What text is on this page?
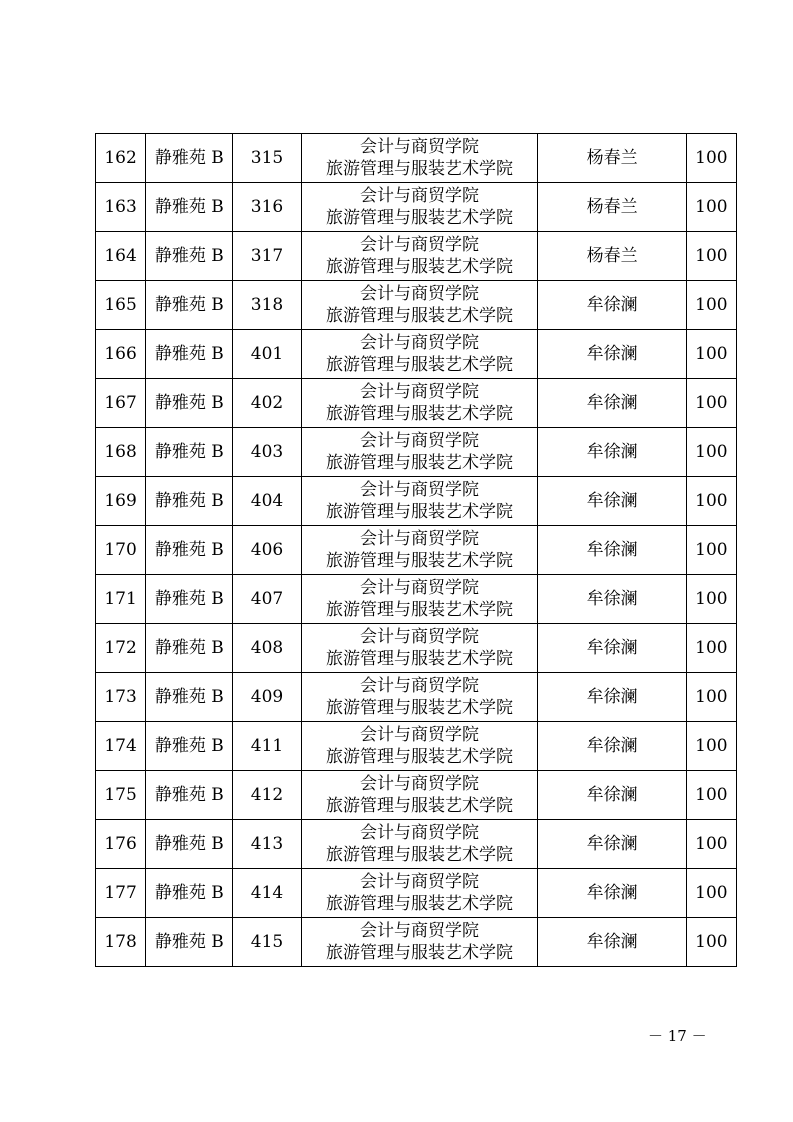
162	静雅苑 B	315	会计与商贸学院
旅游管理与服装艺术学院	杨春兰	100
163	静雅苑 B	316	会计与商贸学院
旅游管理与服装艺术学院	杨春兰	100
164	静雅苑 B	317	会计与商贸学院
旅游管理与服装艺术学院	杨春兰	100
165	静雅苑 B	318	会计与商贸学院
旅游管理与服装艺术学院	牟徐澜	100
166	静雅苑 B	401	会计与商贸学院
旅游管理与服装艺术学院	牟徐澜	100
167	静雅苑 B	402	会计与商贸学院
旅游管理与服装艺术学院	牟徐澜	100
168	静雅苑 B	403	会计与商贸学院
旅游管理与服装艺术学院	牟徐澜	100
169	静雅苑 B	404	会计与商贸学院
旅游管理与服装艺术学院	牟徐澜	100
170	静雅苑 B	406	会计与商贸学院
旅游管理与服装艺术学院	牟徐澜	100
171	静雅苑 B	407	会计与商贸学院
旅游管理与服装艺术学院	牟徐澜	100
172	静雅苑 B	408	会计与商贸学院
旅游管理与服装艺术学院	牟徐澜	100
173	静雅苑 B	409	会计与商贸学院
旅游管理与服装艺术学院	牟徐澜	100
174	静雅苑 B	411	会计与商贸学院
旅游管理与服装艺术学院	牟徐澜	100
175	静雅苑 B	412	会计与商贸学院
旅游管理与服装艺术学院	牟徐澜	100
176	静雅苑 B	413	会计与商贸学院
旅游管理与服装艺术学院	牟徐澜	100
177	静雅苑 B	414	会计与商贸学院
旅游管理与服装艺术学院	牟徐澜	100
178	静雅苑 B	415	会计与商贸学院
旅游管理与服装艺术学院	牟徐澜	100
－ 17 －
